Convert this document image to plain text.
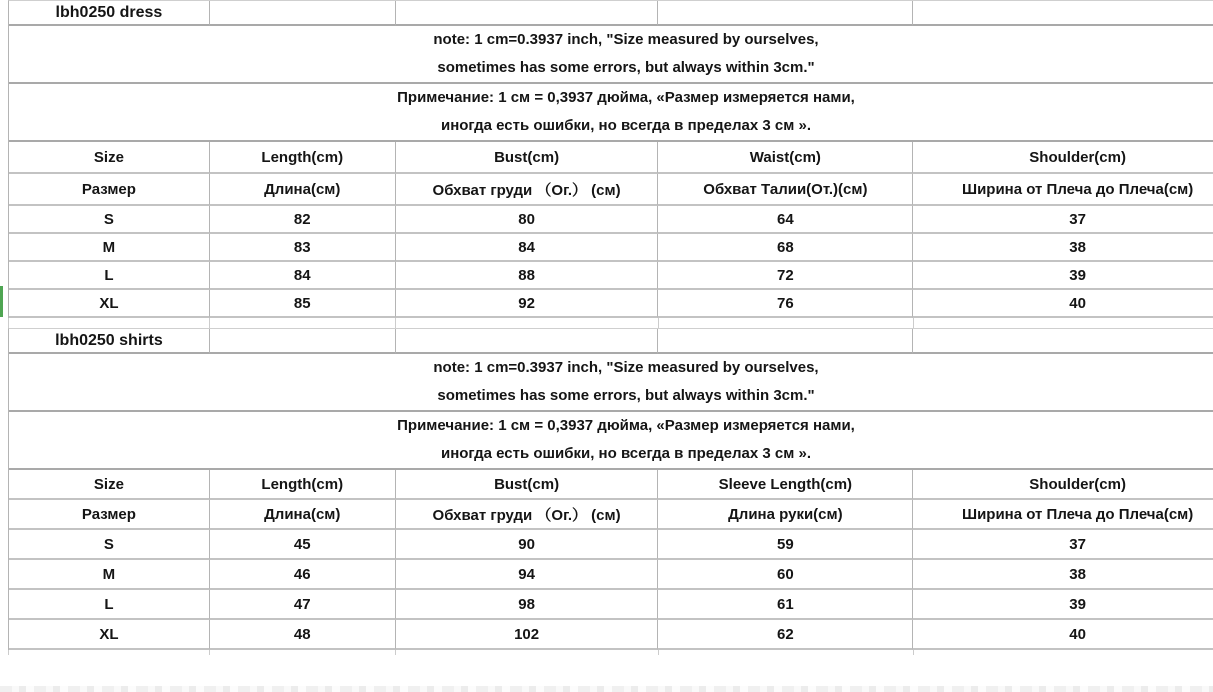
lbh0250 dress
note: 1 cm=0.3937 inch, "Size measured by ourselves,
sometimes has some errors, but always within 3cm."
Примечание: 1 см = 0,3937 дюйма, «Размер измеряется нами,
иногда есть ошибки, но всегда в пределах 3 см ».
Size	Length(cm)	Bust(cm)	Waist(cm)	Shoulder(cm)
Размер	Длина(см)	Обхват груди （Ог.） (см)	Обхват Талии(От.)(см)	Ширина от Плеча до Плеча(см)
S	82	80	64	37
M	83	84	68	38
L	84	88	72	39
XL	85	92	76	40
lbh0250 shirts
note: 1 cm=0.3937 inch, "Size measured by ourselves,
sometimes has some errors, but always within 3cm."
Примечание: 1 см = 0,3937 дюйма, «Размер измеряется нами,
иногда есть ошибки, но всегда в пределах 3 см ».
Size	Length(cm)	Bust(cm)	Sleeve Length(cm)	Shoulder(cm)
Размер	Длина(см)	Обхват груди （Ог.） (см)	Длина руки(см)	Ширина от Плеча до Плеча(см)
S	45	90	59	37
M	46	94	60	38
L	47	98	61	39
XL	48	102	62	40
